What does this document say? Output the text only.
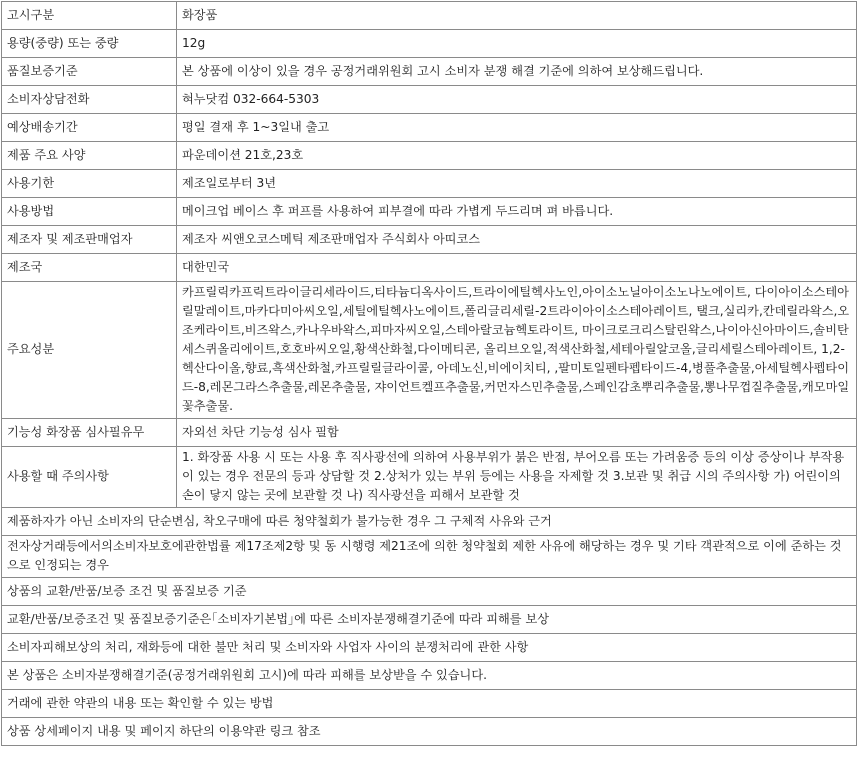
고시구분	화장품
용량(중량) 또는 중량	12g
품질보증기준	본 상품에 이상이 있을 경우 공정거래위원회 고시 소비자 분쟁 해결 기준에 의하여 보상해드립니다.
소비자상담전화	혀누닷컴 032-664-5303
예상배송기간	평일 결재 후 1~3일내 출고
제품 주요 사양	파운데이션 21호,23호
사용기한	제조일로부터 3년
사용방법	메이크업 베이스 후 퍼프를 사용하여 피부결에 따라 가볍게 두드리며 펴 바릅니다.
제조자 및 제조판매업자	제조자 씨앤오코스메틱 제조판매업자 주식회사 아띠코스
제조국	대한민국
주요성분	카프릴릭카프릭트라이글리세라이드,티타늄디옥사이드,트라이에틸헥사노인,아이소노닐아이소노나노에이트, 다이아이소스테아릴말레이트,마카다미아씨오일,세틸에틸헥사노에이트,폴리글리세릴-2트라이아이소스테아레이트, 탤크,실리카,칸데릴라왁스,오조케라이트,비즈왁스,카나우바왁스,피마자씨오일,스테아랄코늄헥토라이트, 마이크로크리스탈린왁스,나이아신아마이드,솔비탄세스퀴올리에이트,호호바씨오일,황색산화철,다이메티콘, 올리브오일,적색산화철,세테아릴알코올,글리세릴스테아레이트, 1,2-헥산다이올,향료,흑색산화철,카프릴릴글라이콜, 아데노신,비에이치티, ,팔미토일펜타펩타이드-4,병풀추출물,아세틸헥사펩타이드-8,레몬그라스추출물,레몬추출물, 쟈이언트켈프추출물,커먼자스민추출물,스페인감초뿌리추출물,뽕나무껍질추출물,캐모마일꽃추출물.
기능성 화장품 심사필유무	자외선 차단 기능성 심사 필함
사용할 때 주의사항	1. 화장품 사용 시 또는 사용 후 직사광선에 의하여 사용부위가 붉은 반점, 부어오름 또는 가려움증 등의 이상 증상이나 부작용이 있는 경우 전문의 등과 상담할 것 2.상처가 있는 부위 등에는 사용을 자제할 것 3.보관 및 취급 시의 주의사항 가) 어린이의 손이 닿지 않는 곳에 보관할 것 나) 직사광선을 피해서 보관할 것
제품하자가 아닌 소비자의 단순변심, 착오구매에 따른 청약철회가 불가능한 경우 그 구체적 사유와 근거	
전자상거래등에서의소비자보호에관한법률 제17조제2항 및 동 시행령 제21조에 의한 청약철회 제한 사유에 해당하는 경우 및 기타 객관적으로 이에 준하는 것으로 인정되는 경우	
상품의 교환/반품/보증 조건 및 품질보증 기준	
교환/반품/보증조건 및 품질보증기준은｢소비자기본법｣에 따른 소비자분쟁해결기준에 따라 피해를 보상	
소비자피해보상의 처리, 재화등에 대한 불만 처리 및 소비자와 사업자 사이의 분쟁처리에 관한 사항	
본 상품은 소비자분쟁해결기준(공정거래위원회 고시)에 따라 피해를 보상받을 수 있습니다.	
거래에 관한 약관의 내용 또는 확인할 수 있는 방법	
상품 상세페이지 내용 및 페이지 하단의 이용약관 링크 참조	
